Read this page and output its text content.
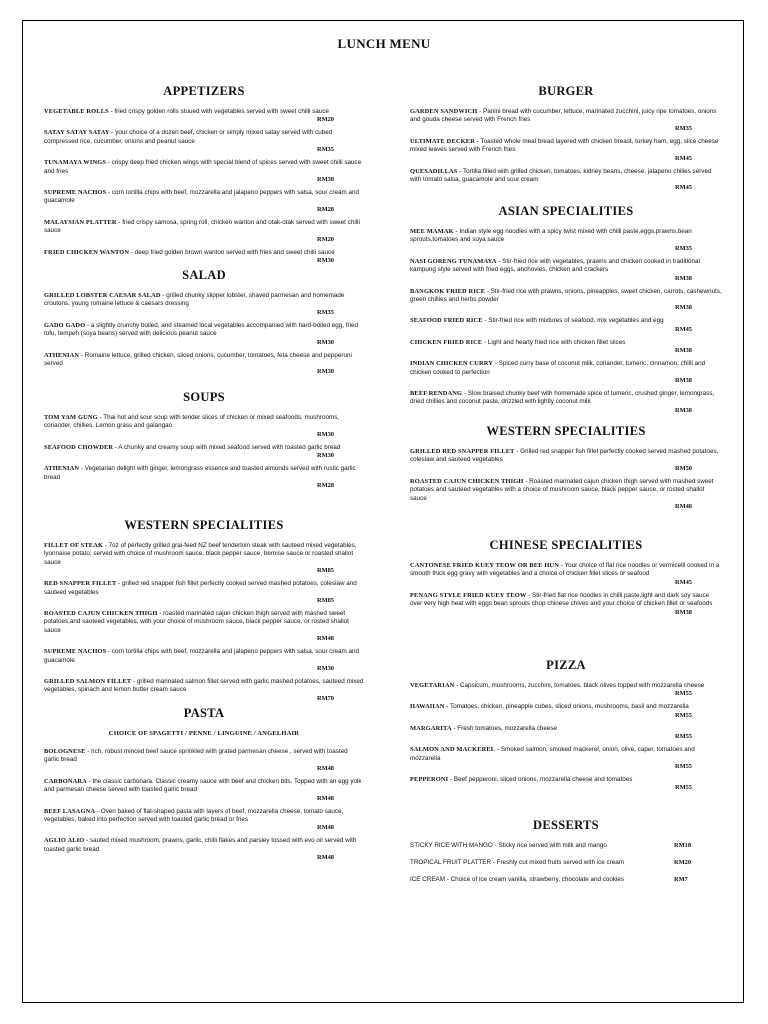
LUNCH MENU
APPETIZERS
VEGETABLE ROLLS - fried crispy golden rolls stuued with vegetables served with sweet chilli sauce
RM20
SATAY SATAY SATAY - your choice of a dozen beef, chicken or simply mixed satay served with cubed compressed rice, cucumber, onions and peanut sauce
RM35
TUNAMAYA WINGS - crispy deep fried chicken wings with special blend of spices served with sweet chilli sauce and fries
RM38
SUPREME NACHOS - corn tortilla chips with beef, mozzarella and jalapeno peppers with salsa, sour cream and guacamole
RM28
MALAYSIAN PLATTER - fried crispy samosa, spring roll, chicken wanton and otak-otak served with sweet chilli sauce
RM20
FRIED CHICKEN WANTON - deep fried golden brown wanton served with fries and sweet chilli sauce
RM30
SALAD
GRILLED LOBSTER CAESAR SALAD - grilled chunky slipper lobster, shaved parmesan and homemade croutons, young romaine lettuce & caesars dressing
RM35
GADO GADO - a slightly crunchy boiled, and steamed local vegetables accompanied with hard-boiled egg, fried tofu, tempeh (soya beans) served with delicious peanut sauce
RM30
ATHENIAN - Romaine lettuce, grilled chicken, sliced onions, cucumber, tomatoes, feta cheese and pepperoni served
RM30
SOUPS
TOM YAM GUNG - Thai hot and sour soup with tender slices of chicken or mixed seafoods, mushrooms, coriander, chillies. Lemon grass and galangao
RM30
SEAFOOD CHOWDER - A chunky and creamy soup with mixed seafood served with toasted garlic bread
RM30
ATHENIAN - Vegetarian delight with ginger, lemongrass essence and toasted almonds served with rustic garlic bread
RM28
WESTERN SPECIALITIES
FILLET OF STEAK - 7oz of perfectly grilled grai-feed NZ beef tenderloin steak with sauteed mixed vegetables, lyonnaise potato; served with choice of mushroom sauce, black pepper sauce, bernise sauce or roasted shallot sauce
RM85
RED SNAPPER FILLET - grilled red snapper fish fillet perfectly cooked served mashed potatoes, coleslaw and sauteed vegetables
RM85
ROASTED CAJUN CHICKEN THIGH - roasted marinated cajun chicken thigh served with mashed sweet potatoes,and sauteed vegetables, with your choice of mushroom sauce, black pepper sauce, or rosted shallot sauce
RM48
SUPREME NACHOS - corn tortilla chips with beef, mozzarella and jalapeno peppers with salsa, sour cream and guacamole
RM30
GRILLED SALMON FILLET - grilled marinated salmon fillet served with garlic mashed potatoes, sauteed mixed vegetables, spinach and lemon butter cream sauce
RM70
PASTA
CHOICE OF SPAGETTI / PENNE / LINGUINE / ANGELHAIR
BOLOGNESE - rich, robust minced beef sauce sprinkled with grated parmesan cheese , served with toasted garlic bread
RM48
CARBONARA - the classic carbonara. Classic creamy sauce with beef and chicken bits. Topped with an egg yolk and parmesan cheese served with toasted garlic bread
RM48
BEEF LASAGNA - Oven baked of flat-shaped pasta with layers of beef, mozzarella cheese, tomato sauce, vegetables, baked into perfection served with toasted garlic bread or fries
RM48
AGLIO ALIO - sauted mixed mushroom, prawns, garlic, chilli flakes and parsley tossed with evo oil served with toasted garlic bread
RM48
BURGER
GARDEN SANDWICH - Panini bread with cucumber, lettuce, marinated zucchini, juicy ripe tomatoes, onions and gouda cheese served with French fries
RM35
ULTIMATE DECKER - Toasted whole meal bread layered with chicken breast, turkey ham, egg, slice cheese mixed leaves served with French fries
RM45
QUESADILLAS - Tortilla filled with grilled chicken, tomatoes, kidney beans, cheese, jalapeno chilies served with tomato salsa, guacamole and sour cream
RM45
ASIAN SPECIALITIES
MEE MAMAK - Indian style egg noodles with a spicy twist mixed with chilli paste,eggs,prawns,bean sprouts,tomatoes and soya sauce
RM35
NASI GORENG TUNAMAYA - Stir-fried rice with vegetables, prawns and chicken cooked in traditional kampung style served with fried eggs, anchovies, chicken and crackers
RM38
BANGKOK FRIED RICE - Stir-fried rice with prawns, onions, pineapples, sweet chicken, carrots, cashewnuts, green chillies and herbs powder
RM38
SEAFOOD FRIED RICE - Stir-fried rice with mixtures of seafood, mix vegetables and egg
RM45
CHICKEN FRIED RICE - Light and hearty fried rice with chicken fillet slices
RM38
INDIAN CHICKEN CURRY - Spiced curry base of coconut milk, coriander, tumeric, cinnamon, chilli and chicken cooked to perfection
RM38
BEEF RENDANG - Slow braised chunky beef with homemade spice of tumeric, crushed ginger, lemongrass, dried chillies and coconut paste, drizzled with lightly coconut milk
RM38
WESTERN SPECIALITIES
GRILLED RED SNAPPER FILLET - Grilled red snapper fish fillet perfectly cooked served mashed potatoes, coleslaw and sauteed vegetables
RM50
ROASTED CAJUN CHICKEN THIGH - Roasted marinated cajun chicken thigh served with mashed sweet potatoes and sauteed vegetables with a choice of mushroom sauce, black pepper sauce, or rosted shallot sauce
RM48
CHINESE SPECIALITIES
CANTONESE FRIED KUEY TEOW OR BEE HUN - Your choice of flat rice noodles or vermicelli cooked in a smooth thick egg gravy with vegetables and a choice of chicken fillet slices or seafood
RM45
PENANG STYLE FRIED KUEY TEOW - Stir-fried flat rice noodles in chilli paste,light and dark soy sauce over very high heat with eggs bean sprouts chop chinese chives and your choice of chicken fillet or seafoods
RM38
PIZZA
VEGETARIAN - Capsicum, mushrooms, zucchini, tomatoes, black olives topped with mozzarella cheese
RM55
HAWAIIAN - Tomatoes, chicken, pineapple cubes, sliced onions, mushrooms, basil and mozzarella
RM55
MARGARITA - Fresh tomatoes, mozzarella cheese
RM55
SALMON AND MACKEREL - Smoked salmon, smoked mackerel, onion, olive, caper, tomatoes and mozzarella
RM55
PEPPERONI - Beef pepperoni, sliced onions, mozzarella cheese and tomatoes
RM55
DESSERTS
STICKY RICE WITH MANGO - Sticky rice served with milk and mango	RM18
TROPICAL FRUIT PLATTER - Freshly cut mixed fruits served with ice cream	RM20
ICE CREAM - Choice of ice cream vanilla, strawberry, chocolate and cookies	RM7
